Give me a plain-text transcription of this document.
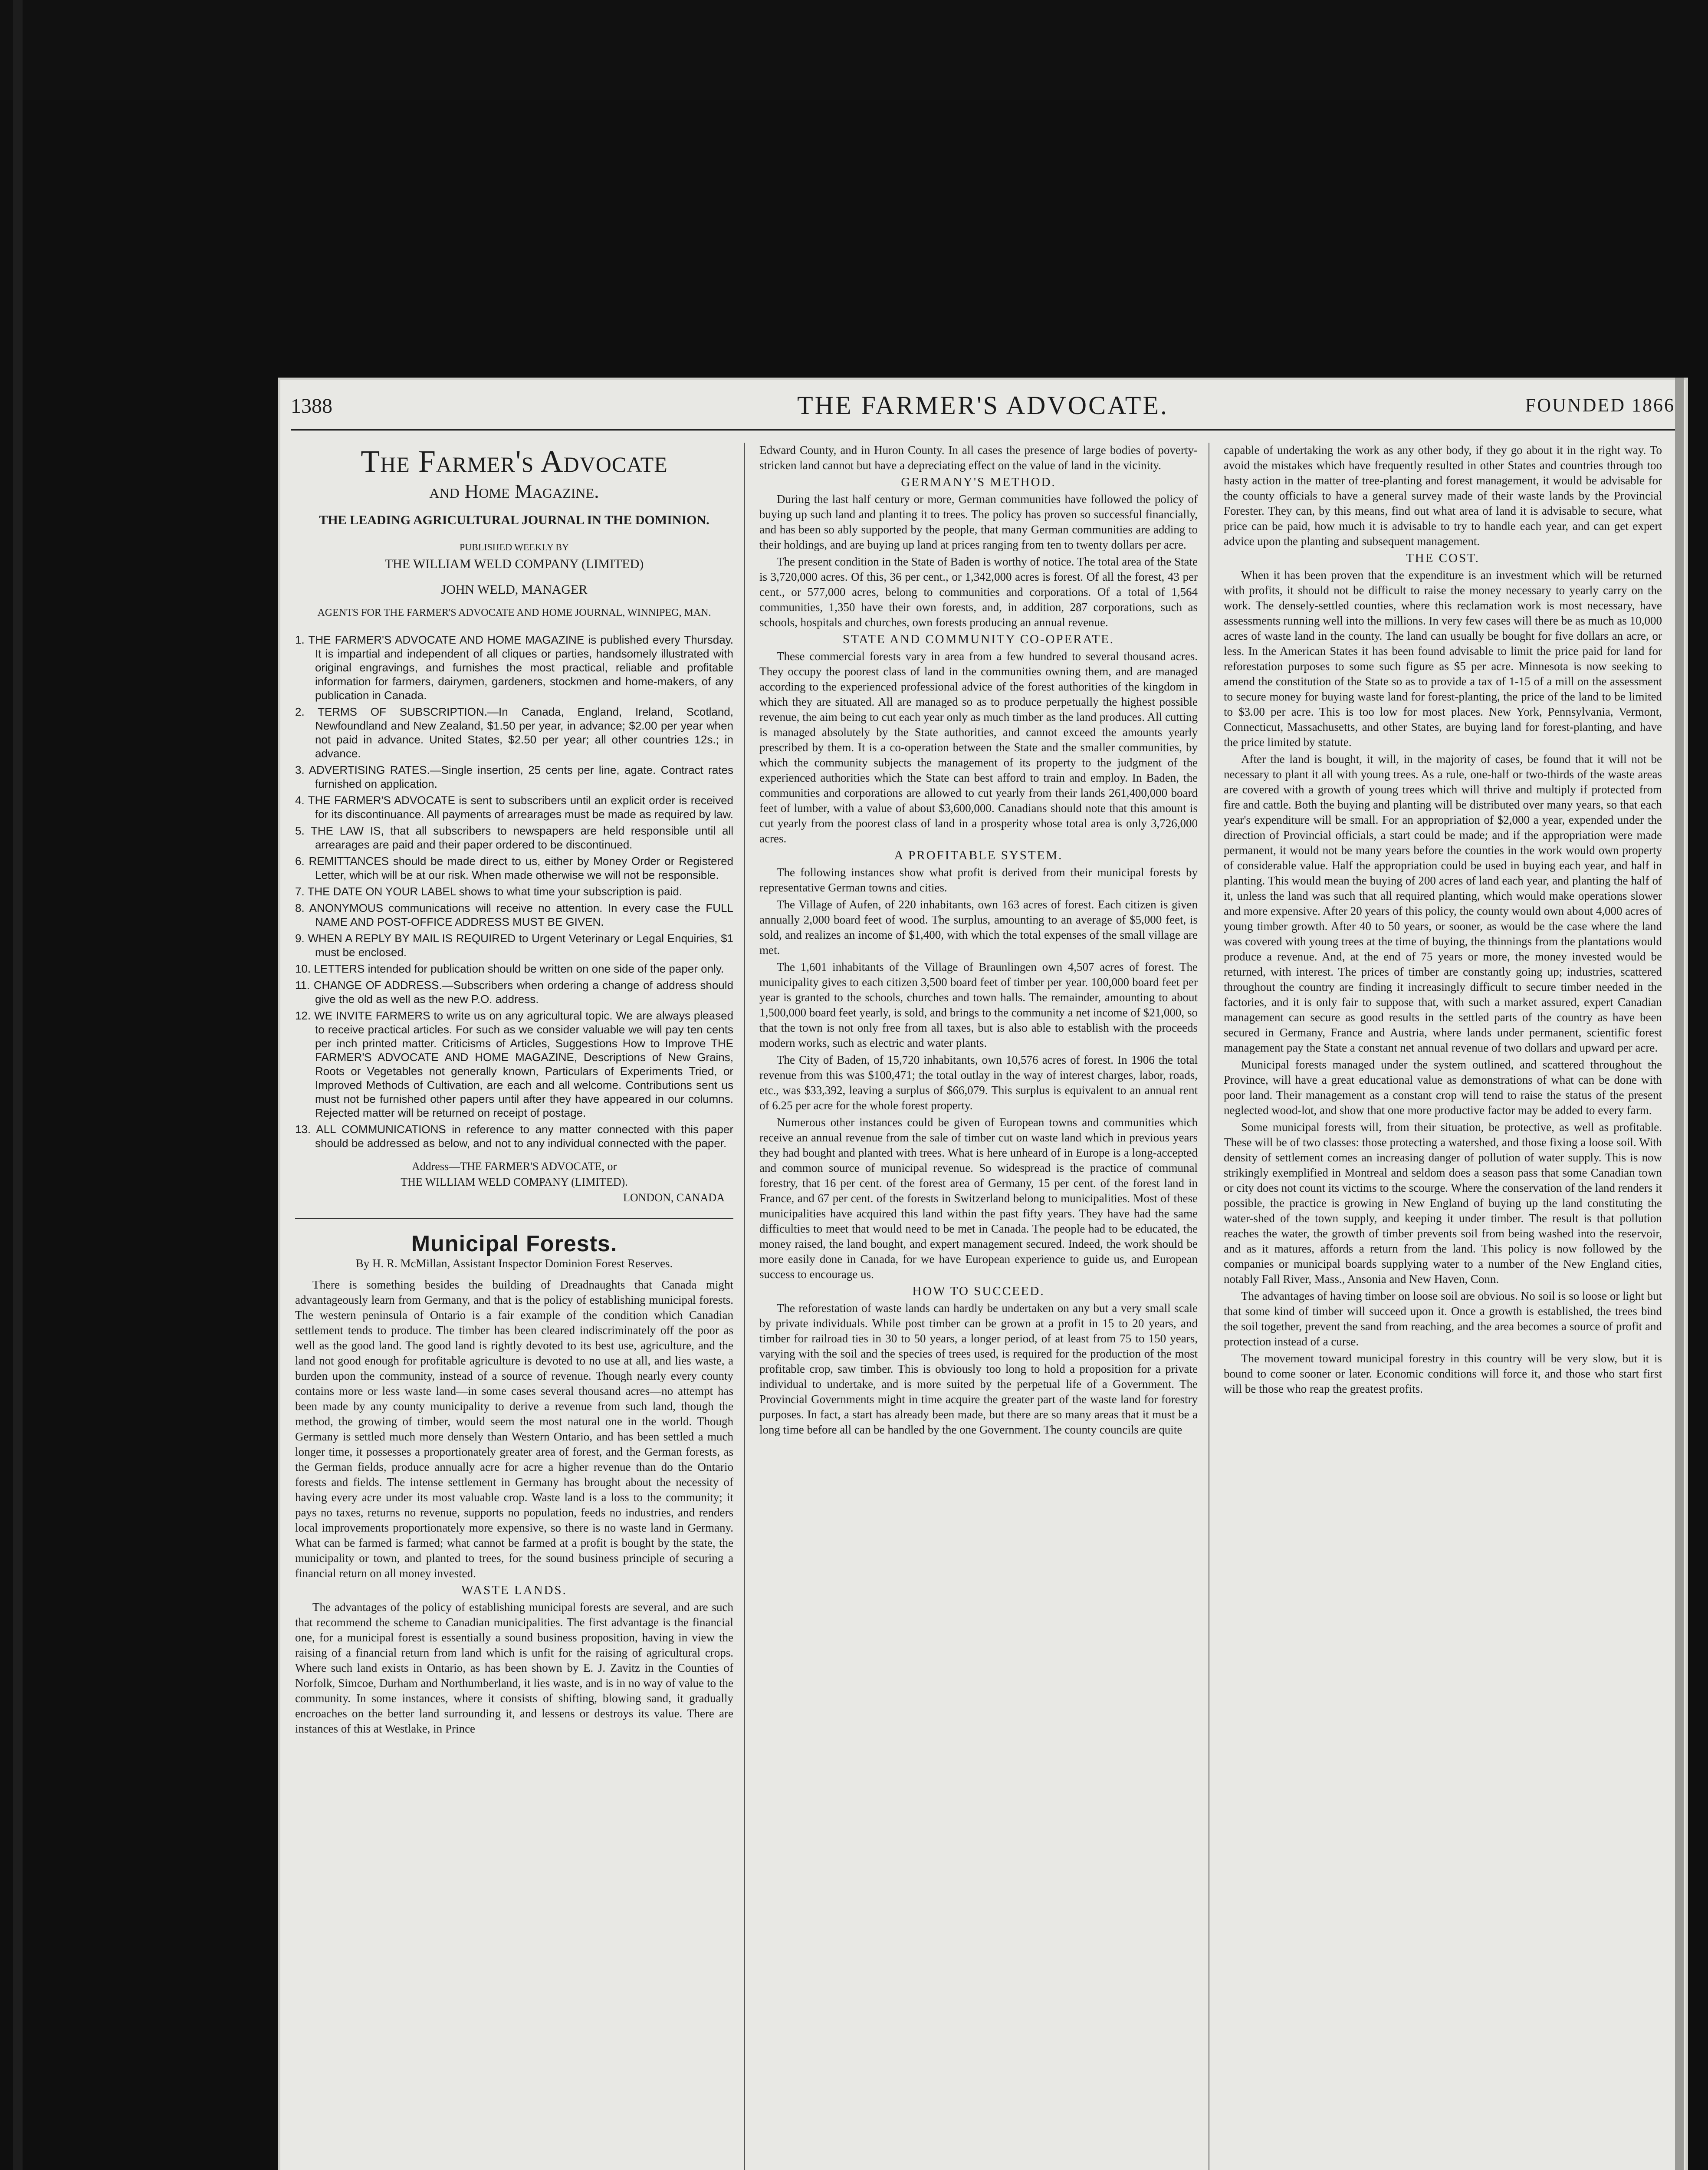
1388	THE FARMER'S ADVOCATE.	FOUNDED 1866
The Farmer's Advocate
and Home Magazine.
THE LEADING AGRICULTURAL JOURNAL IN THE DOMINION.
PUBLISHED WEEKLY BY
THE WILLIAM WELD COMPANY (LIMITED)
JOHN WELD, MANAGER
AGENTS FOR THE FARMER'S ADVOCATE AND HOME JOURNAL, WINNIPEG, MAN.
1. THE FARMER'S ADVOCATE AND HOME MAGAZINE is published every Thursday. It is impartial and independent of all cliques or parties, handsomely illustrated with original engravings, and furnishes the most practical, reliable and profitable information for farmers, dairymen, gardeners, stockmen and home-makers, of any publication in Canada.
2. TERMS OF SUBSCRIPTION.—In Canada, England, Ireland, Scotland, Newfoundland and New Zealand, $1.50 per year, in advance; $2.00 per year when not paid in advance. United States, $2.50 per year; all other countries 12s.; in advance.
3. ADVERTISING RATES.—Single insertion, 25 cents per line, agate. Contract rates furnished on application.
4. THE FARMER'S ADVOCATE is sent to subscribers until an explicit order is received for its discontinuance. All payments of arrearages must be made as required by law.
5. THE LAW IS, that all subscribers to newspapers are held responsible until all arrearages are paid and their paper ordered to be discontinued.
6. REMITTANCES should be made direct to us, either by Money Order or Registered Letter, which will be at our risk. When made otherwise we will not be responsible.
7. THE DATE ON YOUR LABEL shows to what time your subscription is paid.
8. ANONYMOUS communications will receive no attention. In every case the FULL NAME AND POST-OFFICE ADDRESS MUST BE GIVEN.
9. WHEN A REPLY BY MAIL IS REQUIRED to Urgent Veterinary or Legal Enquiries, $1 must be enclosed.
10. LETTERS intended for publication should be written on one side of the paper only.
11. CHANGE OF ADDRESS.—Subscribers when ordering a change of address should give the old as well as the new P.O. address.
12. WE INVITE FARMERS to write us on any agricultural topic. We are always pleased to receive practical articles. For such as we consider valuable we will pay ten cents per inch printed matter. Criticisms of Articles, Suggestions How to Improve THE FARMER'S ADVOCATE AND HOME MAGAZINE, Descriptions of New Grains, Roots or Vegetables not generally known, Particulars of Experiments Tried, or Improved Methods of Cultivation, are each and all welcome. Contributions sent us must not be furnished other papers until after they have appeared in our columns. Rejected matter will be returned on receipt of postage.
13. ALL COMMUNICATIONS in reference to any matter connected with this paper should be addressed as below, and not to any individual connected with the paper.
Address—THE FARMER'S ADVOCATE, or
THE WILLIAM WELD COMPANY (LIMITED).
LONDON, CANADA
Municipal Forests.
By H. R. McMillan, Assistant Inspector Dominion Forest Reserves.

There is something besides the building of Dreadnaughts that Canada might advantageously learn from Germany, and that is the policy of establishing municipal forests. The western peninsula of Ontario is a fair example of the condition which Canadian settlement tends to produce. The timber has been cleared indiscriminately off the poor as well as the good land. The good land is rightly devoted to its best use, agriculture, and the land not good enough for profitable agriculture is devoted to no use at all, and lies waste, a burden upon the community, instead of a source of revenue. Though nearly every county contains more or less waste land—in some cases several thousand acres—no attempt has been made by any county municipality to derive a revenue from such land, though the method, the growing of timber, would seem the most natural one in the world. Though Germany is settled much more densely than Western Ontario, and has been settled a much longer time, it possesses a proportionately greater area of forest, and the German forests, as the German fields, produce annually acre for acre a higher revenue than do the Ontario forests and fields. The intense settlement in Germany has brought about the necessity of having every acre under its most valuable crop. Waste land is a loss to the community; it pays no taxes, returns no revenue, supports no population, feeds no industries, and renders local improvements proportionately more expensive, so there is no waste land in Germany. What can be farmed is farmed; what cannot be farmed at a profit is bought by the state, the municipality or town, and planted to trees, for the sound business principle of securing a financial return on all money invested.

WASTE LANDS.

The advantages of the policy of establishing municipal forests are several, and are such that recommend the scheme to Canadian municipalities. The first advantage is the financial one, for a municipal forest is essentially a sound business proposition, having in view the raising of a financial return from land which is unfit for the raising of agricultural crops. Where such land exists in Ontario, as has been shown by E. J. Zavitz in the Counties of Norfolk, Simcoe, Durham and Northumberland, it lies waste, and is in no way of value to the community. In some instances, where it consists of shifting, blowing sand, it gradually encroaches on the better land surrounding it, and lessens or destroys its value. There are instances of this at Westlake, in Prince

Edward County, and in Huron County. In all cases the presence of large bodies of poverty-stricken land cannot but have a depreciating effect on the value of land in the vicinity.

GERMANY'S METHOD.

During the last half century or more, German communities have followed the policy of buying up such land and planting it to trees. The policy has proven so successful financially, and has been so ably supported by the people, that many German communities are adding to their holdings, and are buying up land at prices ranging from ten to twenty dollars per acre.

The present condition in the State of Baden is worthy of notice. The total area of the State is 3,720,000 acres. Of this, 36 per cent., or 1,342,000 acres is forest. Of all the forest, 43 per cent., or 577,000 acres, belong to communities and corporations. Of a total of 1,564 communities, 1,350 have their own forests, and, in addition, 287 corporations, such as schools, hospitals and churches, own forests producing an annual revenue.

STATE AND COMMUNITY CO-OPERATE.

These commercial forests vary in area from a few hundred to several thousand acres. They occupy the poorest class of land in the communities owning them, and are managed according to the experienced professional advice of the forest authorities of the kingdom in which they are situated. All are managed so as to produce perpetually the highest possible revenue, the aim being to cut each year only as much timber as the land produces. All cutting is managed absolutely by the State authorities, and cannot exceed the amounts yearly prescribed by them. It is a co-operation between the State and the smaller communities, by which the community subjects the management of its property to the judgment of the experienced authorities which the State can best afford to train and employ. In Baden, the communities and corporations are allowed to cut yearly from their lands 261,400,000 board feet of lumber, with a value of about $3,600,000. Canadians should note that this amount is cut yearly from the poorest class of land in a prosperity whose total area is only 3,726,000 acres.

A PROFITABLE SYSTEM.

The following instances show what profit is derived from their municipal forests by representative German towns and cities.

The Village of Aufen, of 220 inhabitants, own 163 acres of forest. Each citizen is given annually 2,000 board feet of wood. The surplus, amounting to an average of $5,000 feet, is sold, and realizes an income of $1,400, with which the total expenses of the small village are met.

The 1,601 inhabitants of the Village of Braunlingen own 4,507 acres of forest. The municipality gives to each citizen 3,500 board feet of timber per year. 100,000 board feet per year is granted to the schools, churches and town halls. The remainder, amounting to about 1,500,000 board feet yearly, is sold, and brings to the community a net income of $21,000, so that the town is not only free from all taxes, but is also able to establish with the proceeds modern works, such as electric and water plants.

The City of Baden, of 15,720 inhabitants, own 10,576 acres of forest. In 1906 the total revenue from this was $100,471; the total outlay in the way of interest charges, labor, roads, etc., was $33,392, leaving a surplus of $66,079. This surplus is equivalent to an annual rent of 6.25 per acre for the whole forest property.

Numerous other instances could be given of European towns and communities which receive an annual revenue from the sale of timber cut on waste land which in previous years they had bought and planted with trees. What is here unheard of in Europe is a long-accepted and common source of municipal revenue. So widespread is the practice of communal forestry, that 16 per cent. of the forest area of Germany, 15 per cent. of the forest land in France, and 67 per cent. of the forests in Switzerland belong to municipalities. Most of these municipalities have acquired this land within the past fifty years. They have had the same difficulties to meet that would need to be met in Canada. The people had to be educated, the money raised, the land bought, and expert management secured. Indeed, the work should be more easily done in Canada, for we have European experience to guide us, and European success to encourage us.

HOW TO SUCCEED.

The reforestation of waste lands can hardly be undertaken on any but a very small scale by private individuals. While post timber can be grown at a profit in 15 to 20 years, and timber for railroad ties in 30 to 50 years, a longer period, of at least from 75 to 150 years, varying with the soil and the species of trees used, is required for the production of the most profitable crop, saw timber. This is obviously too long to hold a proposition for a private individual to undertake, and is more suited by the perpetual life of a Government. The Provincial Governments might in time acquire the greater part of the waste land for forestry purposes. In fact, a start has already been made, but there are so many areas that it must be a long time before all can be handled by the one Government. The county councils are quite

capable of undertaking the work as any other body, if they go about it in the right way. To avoid the mistakes which have frequently resulted in other States and countries through too hasty action in the matter of tree-planting and forest management, it would be advisable for the county officials to have a general survey made of their waste lands by the Provincial Forester. They can, by this means, find out what area of land it is advisable to secure, what price can be paid, how much it is advisable to try to handle each year, and can get expert advice upon the planting and subsequent management.

THE COST.

When it has been proven that the expenditure is an investment which will be returned with profits, it should not be difficult to raise the money necessary to yearly carry on the work. The densely-settled counties, where this reclamation work is most necessary, have assessments running well into the millions. In very few cases will there be as much as 10,000 acres of waste land in the county. The land can usually be bought for five dollars an acre, or less. In the American States it has been found advisable to limit the price paid for land for reforestation purposes to some such figure as $5 per acre. Minnesota is now seeking to amend the constitution of the State so as to provide a tax of 1-15 of a mill on the assessment to secure money for buying waste land for forest-planting, the price of the land to be limited to $3.00 per acre. This is too low for most places. New York, Pennsylvania, Vermont, Connecticut, Massachusetts, and other States, are buying land for forest-planting, and have the price limited by statute.

After the land is bought, it will, in the majority of cases, be found that it will not be necessary to plant it all with young trees. As a rule, one-half or two-thirds of the waste areas are covered with a growth of young trees which will thrive and multiply if protected from fire and cattle. Both the buying and planting will be distributed over many years, so that each year's expenditure will be small. For an appropriation of $2,000 a year, expended under the direction of Provincial officials, a start could be made; and if the appropriation were made permanent, it would not be many years before the counties in the work would own property of considerable value. Half the appropriation could be used in buying each year, and half in planting. This would mean the buying of 200 acres of land each year, and planting the half of it, unless the land was such that all required planting, which would make operations slower and more expensive. After 20 years of this policy, the county would own about 4,000 acres of young timber growth. After 40 to 50 years, or sooner, as would be the case where the land was covered with young trees at the time of buying, the thinnings from the plantations would produce a revenue. And, at the end of 75 years or more, the money invested would be returned, with interest. The prices of timber are constantly going up; industries, scattered throughout the country are finding it increasingly difficult to secure timber needed in the factories, and it is only fair to suppose that, with such a market assured, expert Canadian management can secure as good results in the settled parts of the country as have been secured in Germany, France and Austria, where lands under permanent, scientific forest management pay the State a constant net annual revenue of two dollars and upward per acre.

Municipal forests managed under the system outlined, and scattered throughout the Province, will have a great educational value as demonstrations of what can be done with poor land. Their management as a constant crop will tend to raise the status of the present neglected wood-lot, and show that one more productive factor may be added to every farm.

Some municipal forests will, from their situation, be protective, as well as profitable. These will be of two classes: those protecting a watershed, and those fixing a loose soil. With density of settlement comes an increasing danger of pollution of water supply. This is now strikingly exemplified in Montreal and seldom does a season pass that some Canadian town or city does not count its victims to the scourge. Where the conservation of the land renders it possible, the practice is growing in New England of buying up the land constituting the water-shed of the town supply, and keeping it under timber. The result is that pollution reaches the water, the growth of timber prevents soil from being washed into the reservoir, and as it matures, affords a return from the land. This policy is now followed by the companies or municipal boards supplying water to a number of the New England cities, notably Fall River, Mass., Ansonia and New Haven, Conn.

The advantages of having timber on loose soil are obvious. No soil is so loose or light but that some kind of timber will succeed upon it. Once a growth is established, the trees bind the soil together, prevent the sand from reaching, and the area becomes a source of profit and protection instead of a curse.

The movement toward municipal forestry in this country will be very slow, but it is bound to come sooner or later. Economic conditions will force it, and those who start first will be those who reap the greatest profits.
